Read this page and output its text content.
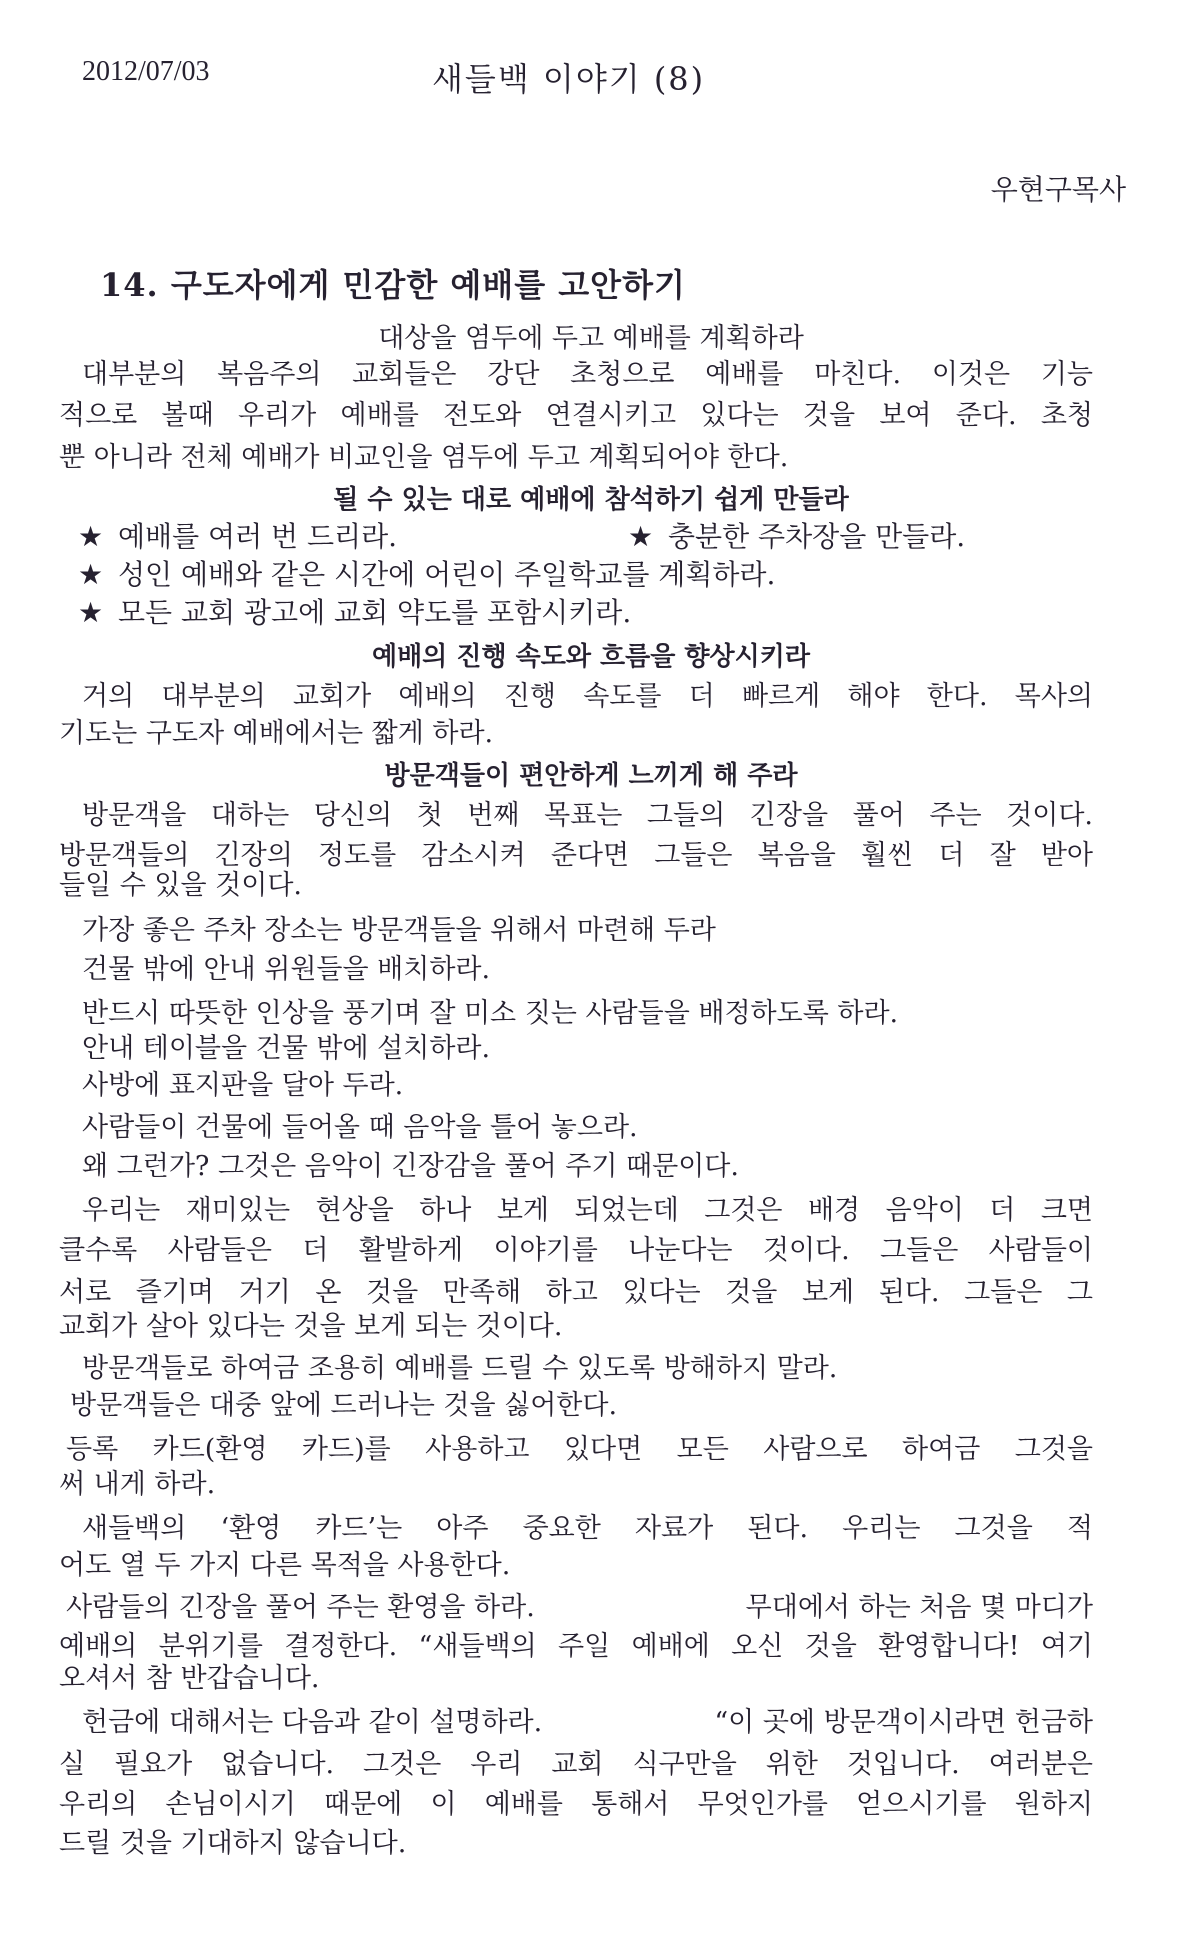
2012/07/03	새들백 이야기 (8)
우현구목사
14. 구도자에게 민감한 예배를 고안하기
대상을 염두에 두고 예배를 계획하라
대부분의 복음주의 교회들은 강단 초청으로 예배를 마친다. 이것은 기능
적으로 볼때 우리가 예배를 전도와 연결시키고 있다는 것을 보여 준다. 초청
뿐 아니라 전체 예배가 비교인을 염두에 두고 계획되어야 한다.
될 수 있는 대로 예배에 참석하기 쉽게 만들라
★ 예배를 여러 번 드리라.	★ 충분한 주차장을 만들라.
★ 성인 예배와 같은 시간에 어린이 주일학교를 계획하라.
★ 모든 교회 광고에 교회 약도를 포함시키라.
예배의 진행 속도와 흐름을 향상시키라
거의 대부분의 교회가 예배의 진행 속도를 더 빠르게 해야 한다. 목사의
기도는 구도자 예배에서는 짧게 하라.
방문객들이 편안하게 느끼게 해 주라
방문객을 대하는 당신의 첫 번째 목표는 그들의 긴장을 풀어 주는 것이다.
방문객들의 긴장의 정도를 감소시켜 준다면 그들은 복음을 훨씬 더 잘 받아
들일 수 있을 것이다.
가장 좋은 주차 장소는 방문객들을 위해서 마련해 두라
건물 밖에 안내 위원들을 배치하라.
반드시 따뜻한 인상을 풍기며 잘 미소 짓는 사람들을 배정하도록 하라.
안내 테이블을 건물 밖에 설치하라.
사방에 표지판을 달아 두라.
사람들이 건물에 들어올 때 음악을 틀어 놓으라.
왜 그런가? 그것은 음악이 긴장감을 풀어 주기 때문이다.
우리는 재미있는 현상을 하나 보게 되었는데 그것은 배경 음악이 더 크면
클수록 사람들은 더 활발하게 이야기를 나눈다는 것이다. 그들은 사람들이
서로 즐기며 거기 온 것을 만족해 하고 있다는 것을 보게 된다. 그들은 그
교회가 살아 있다는 것을 보게 되는 것이다.
방문객들로 하여금 조용히 예배를 드릴 수 있도록 방해하지 말라.
방문객들은 대중 앞에 드러나는 것을 싫어한다.
등록 카드(환영 카드)를 사용하고 있다면 모든 사람으로 하여금 그것을
써 내게 하라.
새들백의 ‘환영 카드’는 아주 중요한 자료가 된다. 우리는 그것을 적
어도 열 두 가지 다른 목적을 사용한다.
사람들의 긴장을 풀어 주는 환영을 하라.	무대에서 하는 처음 몇 마디가
예배의 분위기를 결정한다. “새들백의 주일 예배에 오신 것을 환영합니다! 여기
오셔서 참 반갑습니다.
헌금에 대해서는 다음과 같이 설명하라.	“이 곳에 방문객이시라면 헌금하
실 필요가 없습니다. 그것은 우리 교회 식구만을 위한 것입니다. 여러분은
우리의 손님이시기 때문에 이 예배를 통해서 무엇인가를 얻으시기를 원하지
드릴 것을 기대하지 않습니다.
